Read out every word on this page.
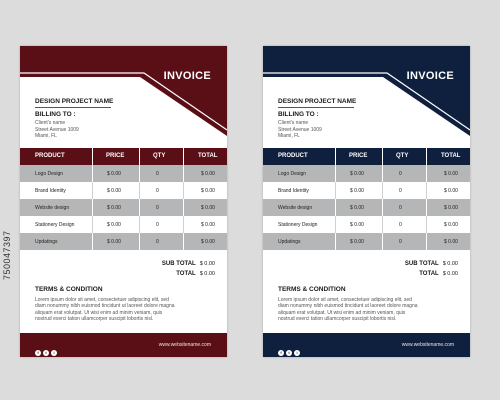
750047397
INVOICE
DESIGN PROJECT NAME
BILLING TO :
Client's name
Street Avenue 1009
Miami, FL
PRODUCT	PRICE	QTY	TOTAL
Logo Design	$ 0.00	0	$ 0.00
Brand Identity	$ 0.00	0	$ 0.00
Website design	$ 0.00	0	$ 0.00
Stationery Design	$ 0.00	0	$ 0.00
Updatings	$ 0.00	0	$ 0.00
SUB TOTAL $ 0.00
TOTAL $ 0.00
TERMS & CONDITION
Lorem ipsum dolor sit amet, consectetuer adipiscing elit, sed diam nonummy nibh euismod tincidunt ut laoreet dolore magna aliquam erat volutpat. Ut wisi enim ad minim veniam, quis nostrud exerci tation ullamcorper suscipit lobortis nisl.
f t i
www.websitename.com
INVOICE
DESIGN PROJECT NAME
BILLING TO :
Client's name
Street Avenue 1009
Miami, FL
PRODUCT	PRICE	QTY	TOTAL
Logo Design	$ 0.00	0	$ 0.00
Brand Identity	$ 0.00	0	$ 0.00
Website design	$ 0.00	0	$ 0.00
Stationery Design	$ 0.00	0	$ 0.00
Updatings	$ 0.00	0	$ 0.00
SUB TOTAL $ 0.00
TOTAL $ 0.00
TERMS & CONDITION
Lorem ipsum dolor sit amet, consectetuer adipiscing elit, sed diam nonummy nibh euismod tincidunt ut laoreet dolore magna aliquam erat volutpat. Ut wisi enim ad minim veniam, quis nostrud exerci tation ullamcorper suscipit lobortis nisl.
f t i
www.websitename.com
